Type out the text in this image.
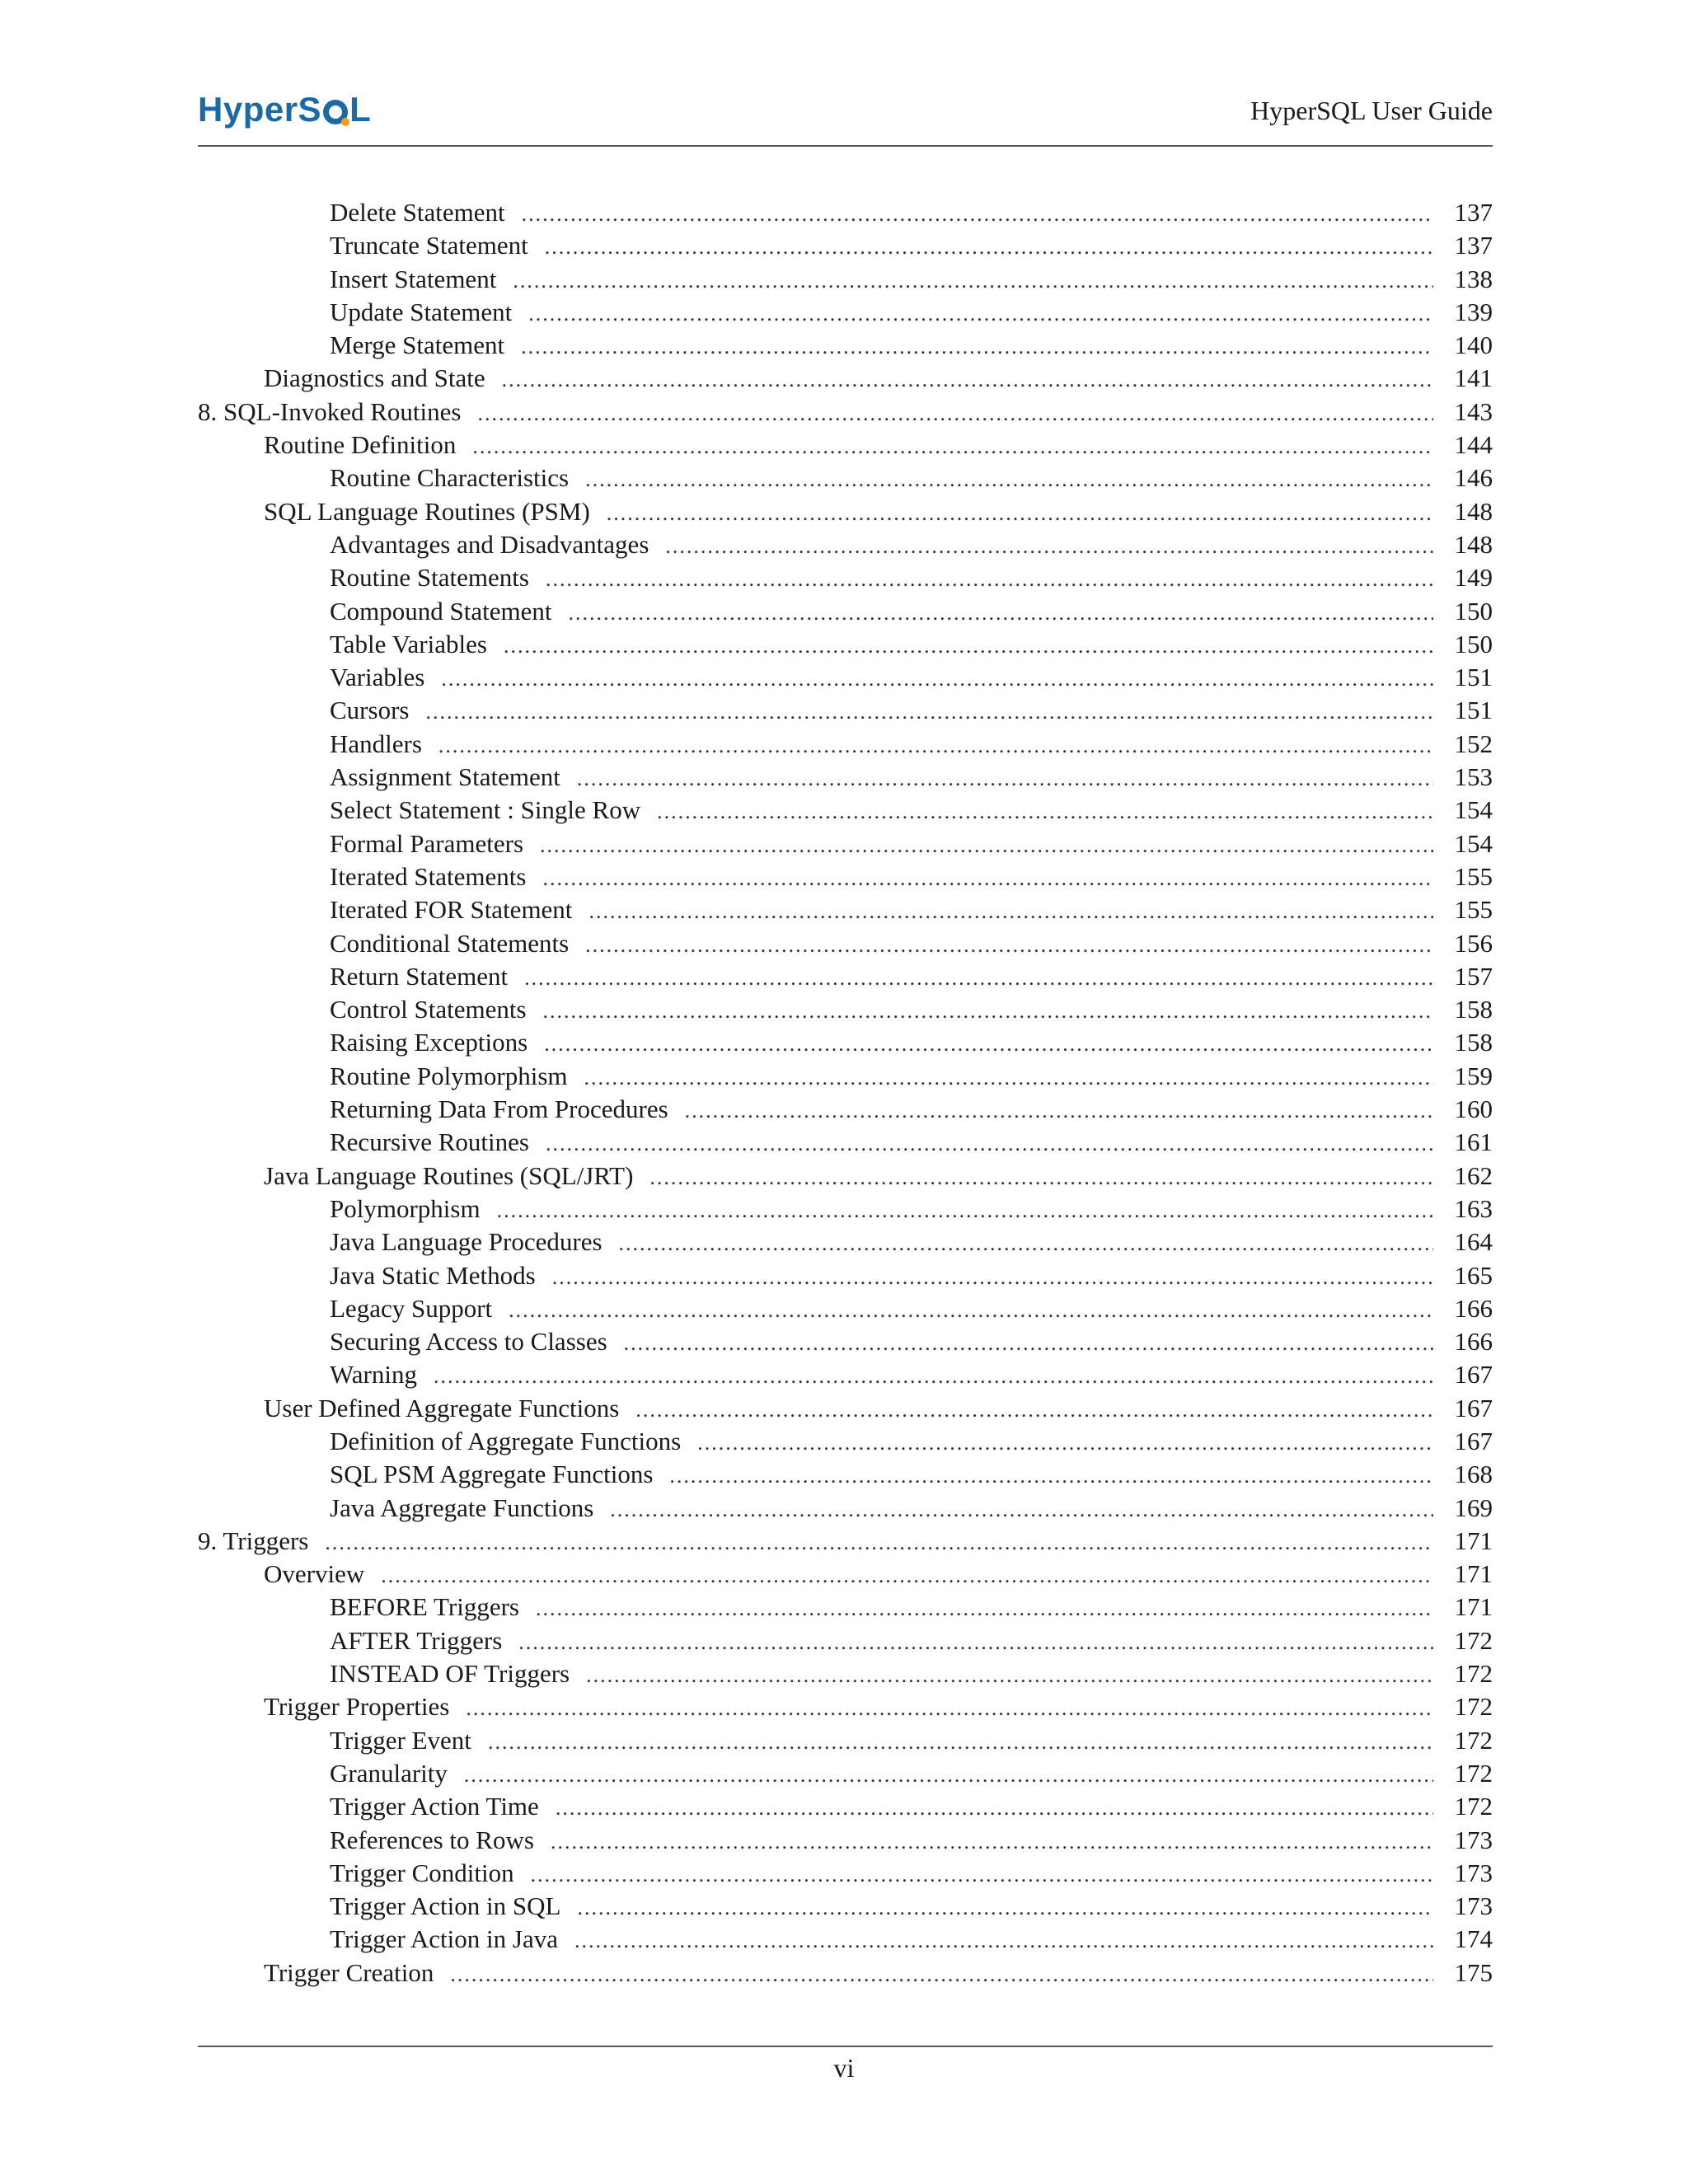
HyperS L	HyperSQL User Guide
Delete Statement .....	137
Truncate Statement .....	137
Insert Statement .....	138
Update Statement .....	139
Merge Statement .....	140
Diagnostics and State .....	141
8. SQL-Invoked Routines .....	143
Routine Definition .....	144
Routine Characteristics .....	146
SQL Language Routines (PSM) .....	148
Advantages and Disadvantages .....	148
Routine Statements .....	149
Compound Statement .....	150
Table Variables .....	150
Variables .....	151
Cursors .....	151
Handlers .....	152
Assignment Statement .....	153
Select Statement : Single Row .....	154
Formal Parameters .....	154
Iterated Statements .....	155
Iterated FOR Statement .....	155
Conditional Statements .....	156
Return Statement .....	157
Control Statements .....	158
Raising Exceptions .....	158
Routine Polymorphism .....	159
Returning Data From Procedures .....	160
Recursive Routines .....	161
Java Language Routines (SQL/JRT) .....	162
Polymorphism .....	163
Java Language Procedures .....	164
Java Static Methods .....	165
Legacy Support .....	166
Securing Access to Classes .....	166
Warning .....	167
User Defined Aggregate Functions .....	167
Definition of Aggregate Functions .....	167
SQL PSM Aggregate Functions .....	168
Java Aggregate Functions .....	169
9. Triggers .....	171
Overview .....	171
BEFORE Triggers .....	171
AFTER Triggers .....	172
INSTEAD OF Triggers .....	172
Trigger Properties .....	172
Trigger Event .....	172
Granularity .....	172
Trigger Action Time .....	172
References to Rows .....	173
Trigger Condition .....	173
Trigger Action in SQL .....	173
Trigger Action in Java .....	174
Trigger Creation .....	175
vi
